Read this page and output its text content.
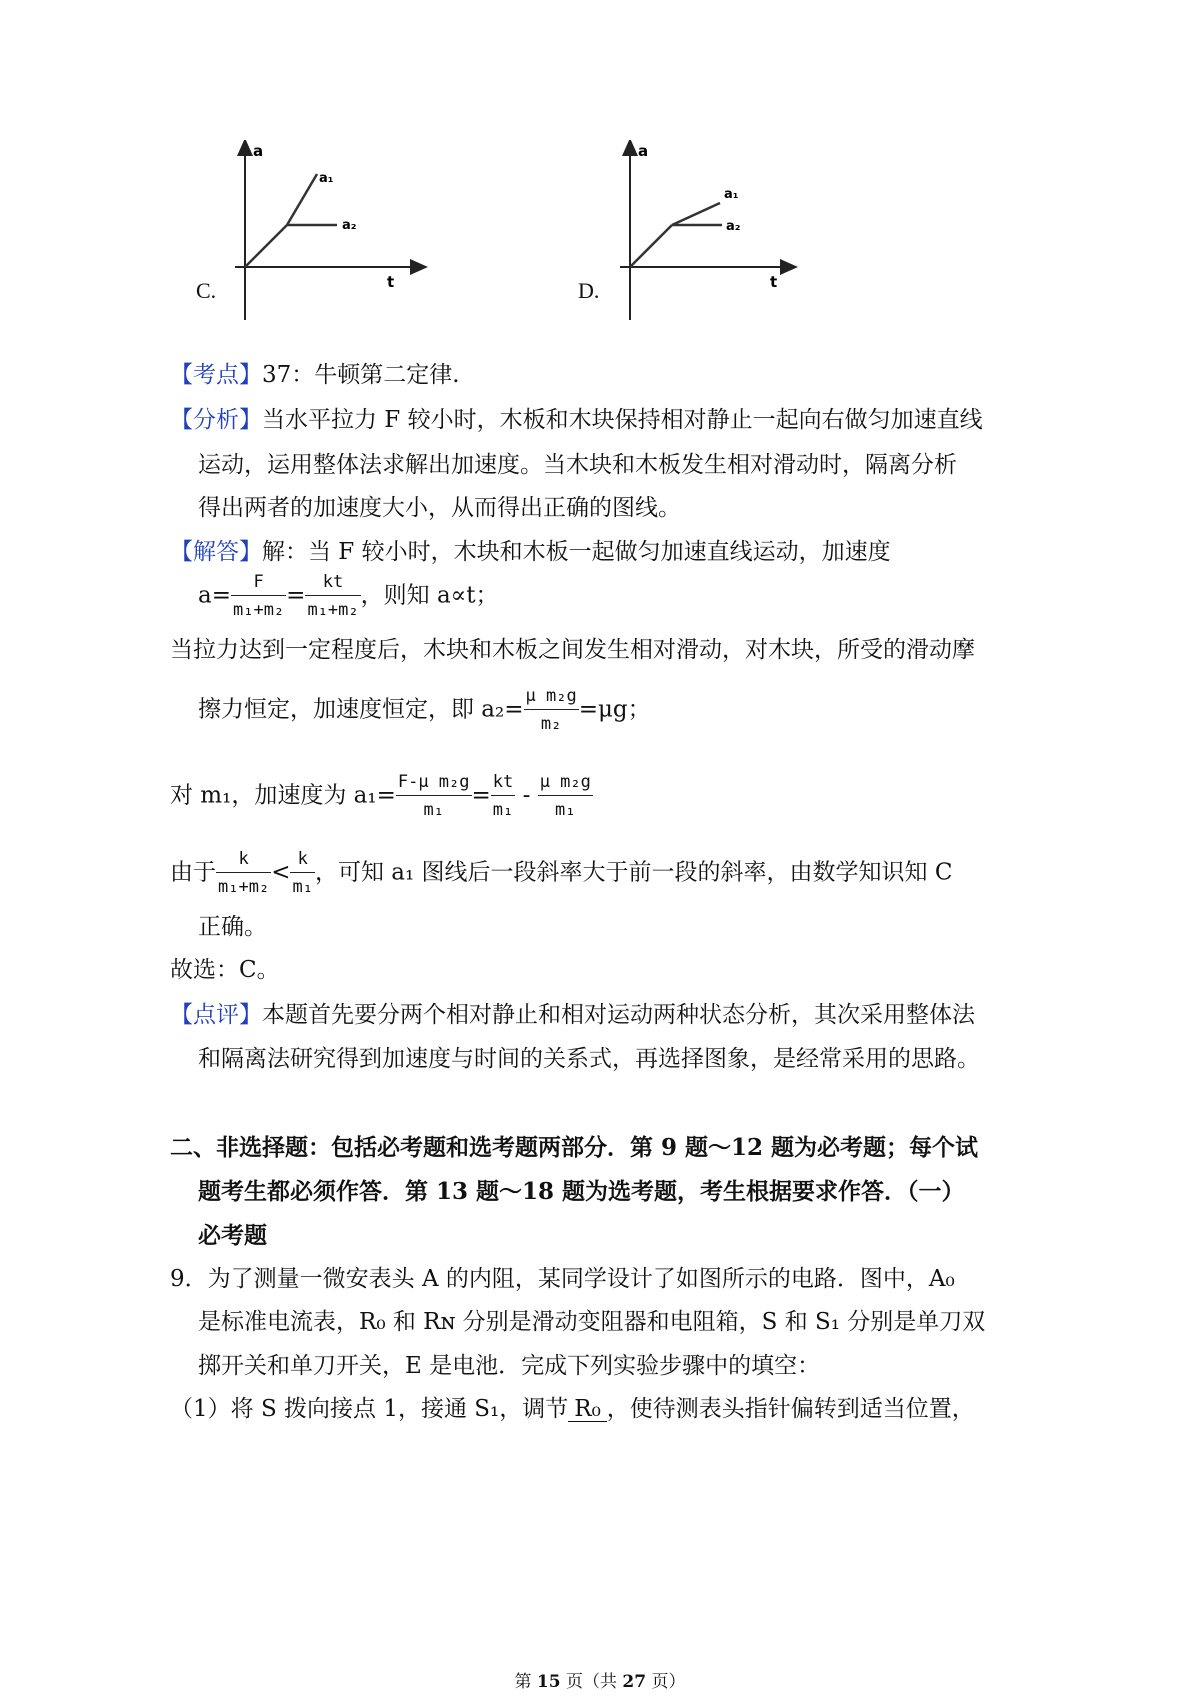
a
t
a₁
a₂
C.
a
t
a₁
a₂
D.
【考点】37：牛顿第二定律.
【分析】当水平拉力 F 较小时，木板和木块保持相对静止一起向右做匀加速直线
运动，运用整体法求解出加速度。当木块和木板发生相对滑动时，隔离分析
得出两者的加速度大小，从而得出正确的图线。
【解答】解：当 F 较小时，木块和木板一起做匀加速直线运动，加速度
$a= \frac{F}{\text{m₁+m₂}} = \frac{kt}{\text{m₁+m₂}}$ ，则知 a∝t；
当拉力达到一定程度后，木块和木板之间发生相对滑动，对木块，所受的滑动摩
擦力恒定，加速度恒定，即 $a_2= \frac{\text{μ m₂g}}{\text{m₂}} =\mu g$；
对 m₁，加速度为 $a_1= \frac{\text{F-μ m₂g}}{\text{m₁}} = \frac{kt}{\text{m₁}} - \frac{\text{μ m₂g}}{\text{m₁}}$
由于 $\frac{k}{\text{m₁+m₂}} < \frac{k}{\text{m₁}}$ ，可知 a₁ 图线后一段斜率大于前一段的斜率，由数学知识知 C
正确。
故选：C。
【点评】本题首先要分两个相对静止和相对运动两种状态分析，其次采用整体法
和隔离法研究得到加速度与时间的关系式，再选择图象，是经常采用的思路。
二、非选择题：包括必考题和选考题两部分．第 9 题～12 题为必考题；每个试
题考生都必须作答．第 13 题～18 题为选考题，考生根据要求作答．（一）
必考题
9．为了测量一微安表头 A 的内阻，某同学设计了如图所示的电路．图中，A₀
是标准电流表，R₀ 和 Rɴ 分别是滑动变阻器和电阻箱，S 和 S₁ 分别是单刀双
掷开关和单刀开关，E 是电池．完成下列实验步骤中的填空：
（1）将 S 拨向接点 1，接通 S₁，调节 R₀ ，使待测表头指针偏转到适当位置，
第 15 页（共 27 页）
